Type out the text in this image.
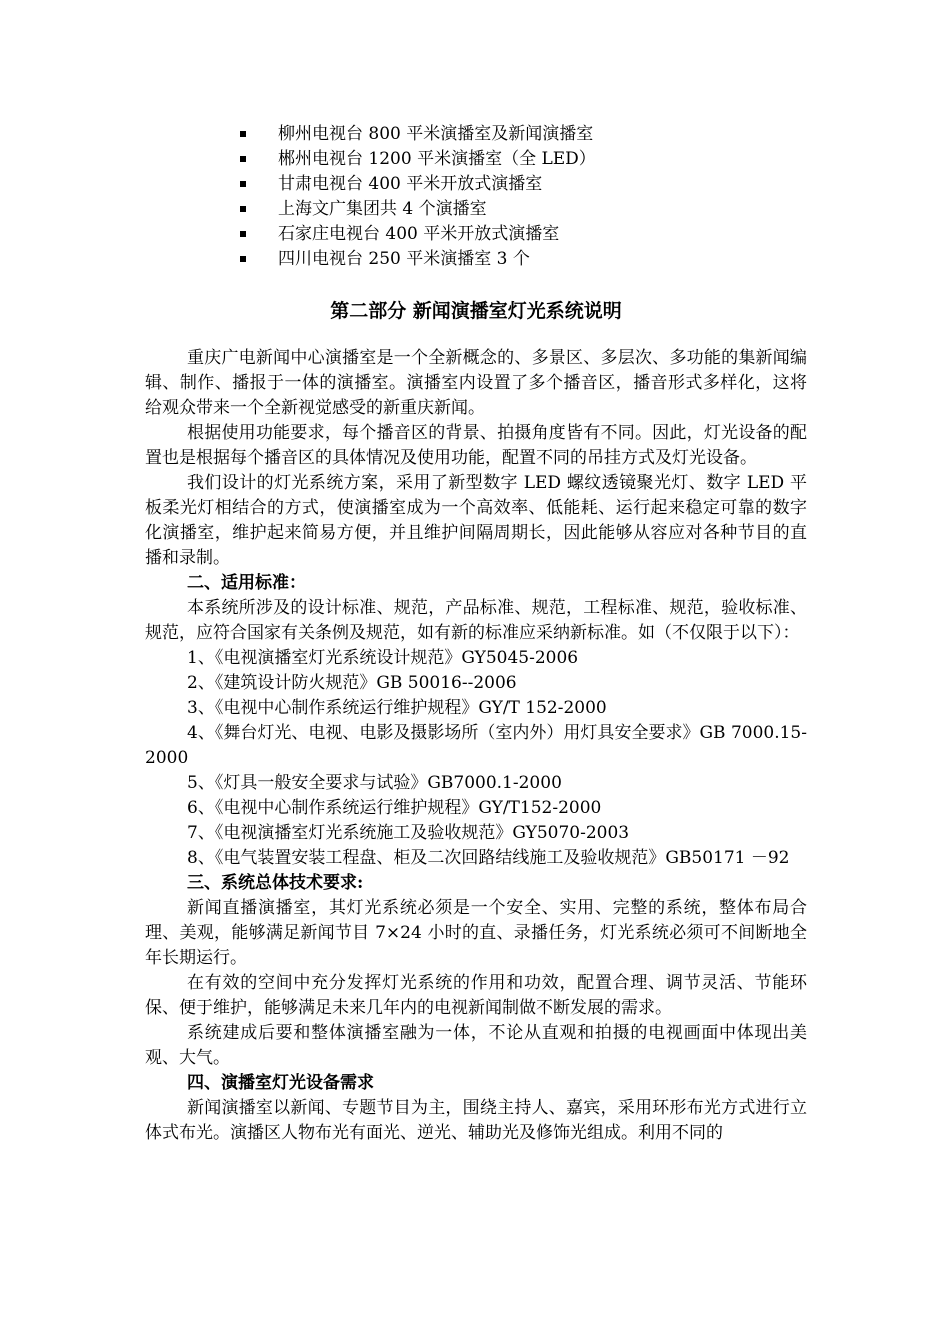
柳州电视台 800 平米演播室及新闻演播室
郴州电视台 1200 平米演播室（全 LED）
甘肃电视台 400 平米开放式演播室
上海文广集团共 4 个演播室
石家庄电视台 400 平米开放式演播室
四川电视台 250 平米演播室 3 个
第二部分 新闻演播室灯光系统说明

重庆广电新闻中心演播室是一个全新概念的、多景区、多层次、多功能的集新闻编辑、制作、播报于一体的演播室。演播室内设置了多个播音区，播音形式多样化，这将给观众带来一个全新视觉感受的新重庆新闻。

根据使用功能要求，每个播音区的背景、拍摄角度皆有不同。因此，灯光设备的配置也是根据每个播音区的具体情况及使用功能，配置不同的吊挂方式及灯光设备。

我们设计的灯光系统方案，采用了新型数字 LED 螺纹透镜聚光灯、数字 LED 平板柔光灯相结合的方式，使演播室成为一个高效率、低能耗、运行起来稳定可靠的数字化演播室，维护起来简易方便，并且维护间隔周期长，因此能够从容应对各种节目的直播和录制。

二、适用标准：

本系统所涉及的设计标准、规范，产品标准、规范，工程标准、规范，验收标准、规范，应符合国家有关条例及规范，如有新的标准应采纳新标准。如（不仅限于以下）：

1、《电视演播室灯光系统设计规范》GY5045-2006

2、《建筑设计防火规范》GB 50016--2006

3、《电视中心制作系统运行维护规程》GY/T 152-2000

4、《舞台灯光、电视、电影及摄影场所（室内外）用灯具安全要求》GB 7000.15-2000

5、《灯具一般安全要求与试验》GB7000.1-2000

6、《电视中心制作系统运行维护规程》GY/T152-2000

7、《电视演播室灯光系统施工及验收规范》GY5070-2003

8、《电气装置安装工程盘、柜及二次回路结线施工及验收规范》GB50171 －92

三、系统总体技术要求:

新闻直播演播室，其灯光系统必须是一个安全、实用、完整的系统，整体布局合理、美观，能够满足新闻节目 7×24 小时的直、录播任务，灯光系统必须可不间断地全年长期运行。

在有效的空间中充分发挥灯光系统的作用和功效，配置合理、调节灵活、节能环保、便于维护，能够满足未来几年内的电视新闻制做不断发展的需求。

系统建成后要和整体演播室融为一体，不论从直观和拍摄的电视画面中体现出美观、大气。

四、演播室灯光设备需求

新闻演播室以新闻、专题节目为主，围绕主持人、嘉宾，采用环形布光方式进行立体式布光。演播区人物布光有面光、逆光、辅助光及修饰光组成。利用不同的
